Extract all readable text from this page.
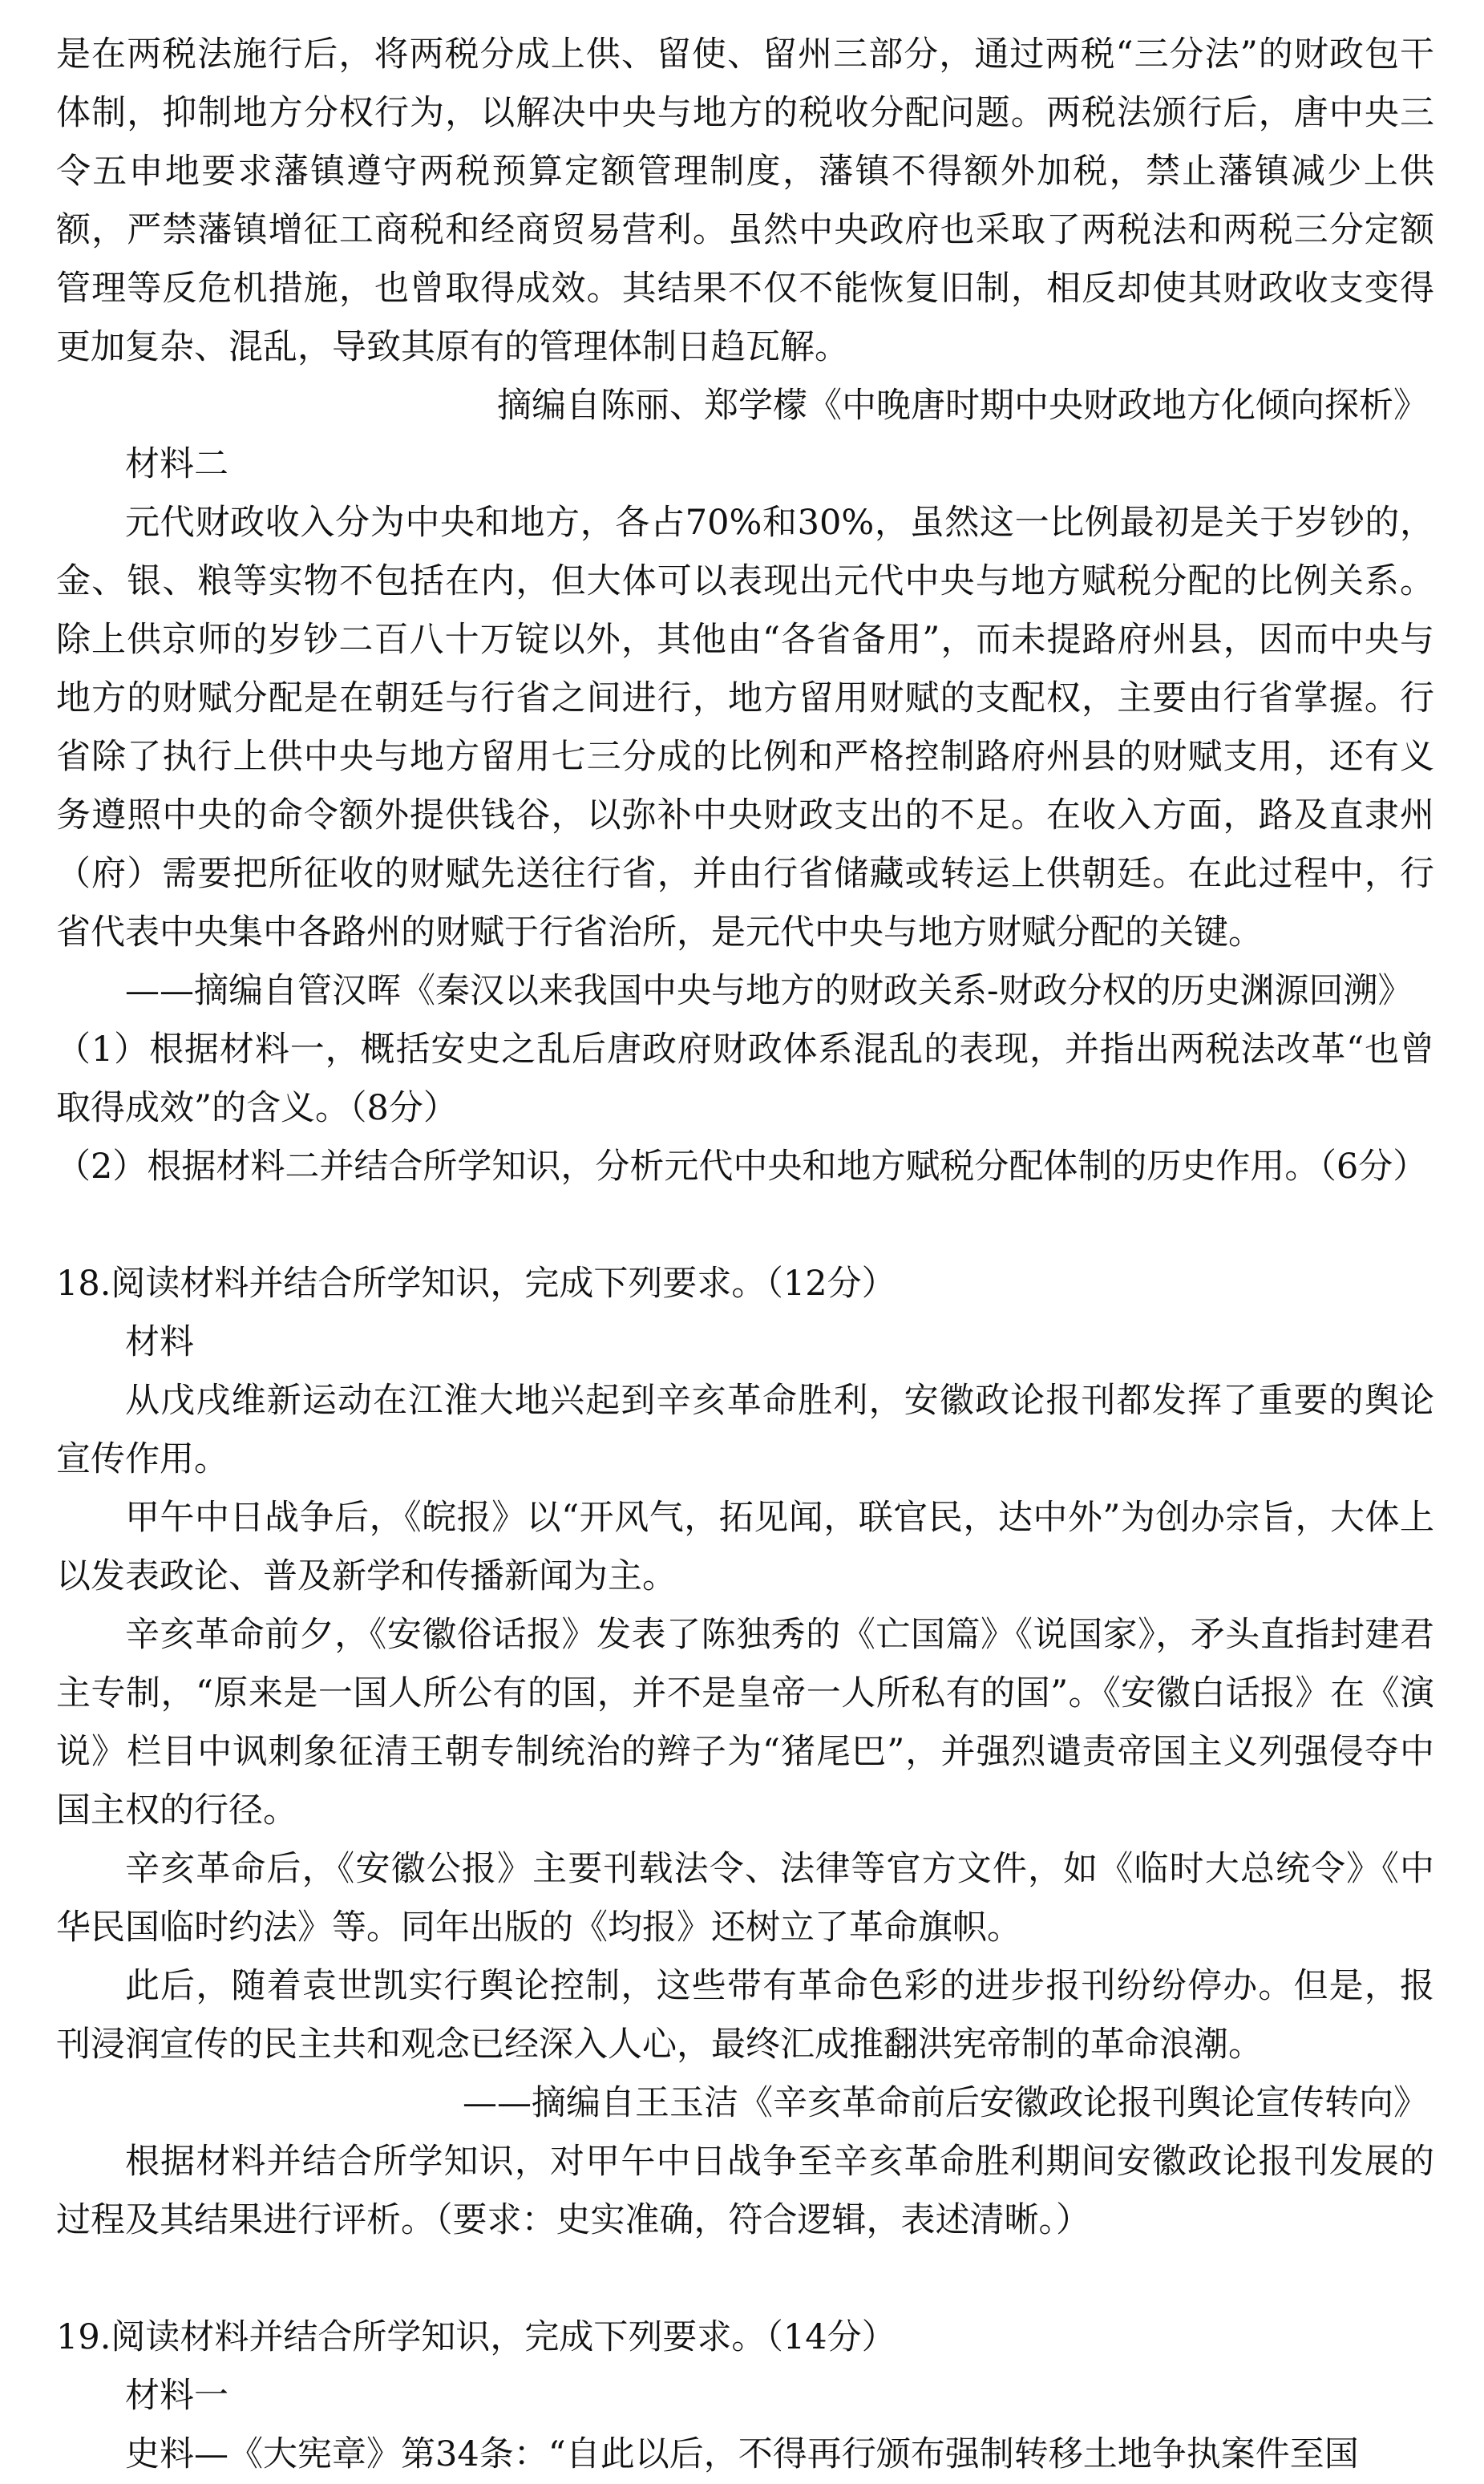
是在两税法施行后，将两税分成上供、留使、留州三部分，通过两税“三分法”的财政包干体制，抑制地方分权行为，以解决中央与地方的税收分配问题。两税法颁行后，唐中央三令五申地要求藩镇遵守两税预算定额管理制度，藩镇不得额外加税，禁止藩镇减少上供额，严禁藩镇增征工商税和经商贸易营利。虽然中央政府也采取了两税法和两税三分定额管理等反危机措施，也曾取得成效。其结果不仅不能恢复旧制，相反却使其财政收支变得更加复杂、混乱，导致其原有的管理体制日趋瓦解。

摘编自陈丽、郑学檬《中晚唐时期中央财政地方化倾向探析》

材料二

元代财政收入分为中央和地方，各占70%和30%，虽然这一比例最初是关于岁钞的，金、银、粮等实物不包括在内，但大体可以表现出元代中央与地方赋税分配的比例关系。除上供京师的岁钞二百八十万锭以外，其他由“各省备用”，而未提路府州县，因而中央与地方的财赋分配是在朝廷与行省之间进行，地方留用财赋的支配权，主要由行省掌握。行省除了执行上供中央与地方留用七三分成的比例和严格控制路府州县的财赋支用，还有义务遵照中央的命令额外提供钱谷，以弥补中央财政支出的不足。在收入方面，路及直隶州（府）需要把所征收的财赋先送往行省，并由行省储藏或转运上供朝廷。在此过程中，行省代表中央集中各路州的财赋于行省治所，是元代中央与地方财赋分配的关键。

——摘编自管汉晖《秦汉以来我国中央与地方的财政关系-财政分权的历史渊源回溯》

（1）根据材料一，概括安史之乱后唐政府财政体系混乱的表现，并指出两税法改革“也曾取得成效”的含义。（8分）

（2）根据材料二并结合所学知识，分析元代中央和地方赋税分配体制的历史作用。（6分）

18.阅读材料并结合所学知识，完成下列要求。（12分）

材料

从戊戌维新运动在江淮大地兴起到辛亥革命胜利，安徽政论报刊都发挥了重要的舆论宣传作用。

甲午中日战争后，《皖报》以“开风气，拓见闻，联官民，达中外”为创办宗旨，大体上以发表政论、普及新学和传播新闻为主。

辛亥革命前夕，《安徽俗话报》发表了陈独秀的《亡国篇》《说国家》，矛头直指封建君主专制，“原来是一国人所公有的国，并不是皇帝一人所私有的国”。《安徽白话报》在《演说》栏目中讽刺象征清王朝专制统治的辫子为“猪尾巴”，并强烈谴责帝国主义列强侵夺中国主权的行径。

辛亥革命后，《安徽公报》主要刊载法令、法律等官方文件，如《临时大总统令》《中华民国临时约法》等。同年出版的《均报》还树立了革命旗帜。

此后，随着袁世凯实行舆论控制，这些带有革命色彩的进步报刊纷纷停办。但是，报刊浸润宣传的民主共和观念已经深入人心，最终汇成推翻洪宪帝制的革命浪潮。

——摘编自王玉洁《辛亥革命前后安徽政论报刊舆论宣传转向》

根据材料并结合所学知识，对甲午中日战争至辛亥革命胜利期间安徽政论报刊发展的过程及其结果进行评析。（要求：史实准确，符合逻辑，表述清晰。）

19.阅读材料并结合所学知识，完成下列要求。（14分）

材料一

史料—《大宪章》第34条：“自此以后，不得再行颁布强制转移土地争执案件至国
